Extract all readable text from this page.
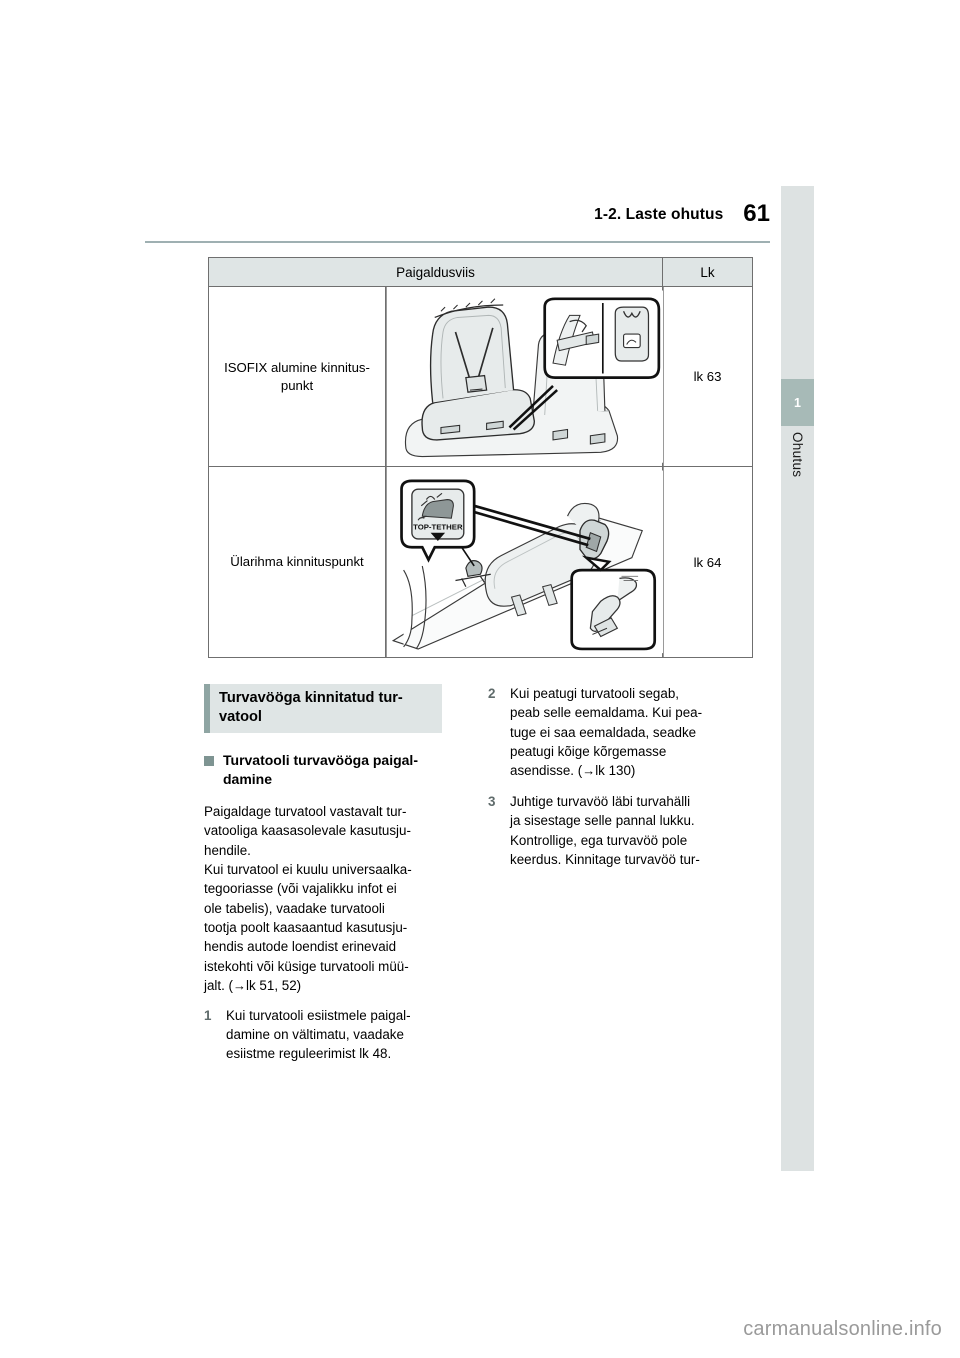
1-2. Laste ohutus 61
1
Ohutus
Paigaldusviis		Lk
ISOFIX alumine kinnitus-
punkt		lk 63
Ülarihma kinnituspunkt	TOP-TETHER	lk 64
Turvavööga kinnitatud tur-
vatool
Turvatooli turvavööga paigal-
damine
Paigaldage turvatool vastavalt tur-
vatooliga kaasasolevale kasutusju-
hendile.
Kui turvatool ei kuulu universaalka-
tegooriasse (või vajalikku infot ei
ole tabelis), vaadake turvatooli
tootja poolt kaasaantud kasutusju-
hendis autode loendist erinevaid
istekohti või küsige turvatooli müü-
jalt. (→lk 51, 52)
1	Kui turvatooli esiistmele paigal-
damine on vältimatu, vaadake
esiistme reguleerimist lk 48.
2	Kui peatugi turvatooli segab,
peab selle eemaldama. Kui pea-
tuge ei saa eemaldada, seadke
peatugi kõige kõrgemasse
asendisse. (→lk 130)
3	Juhtige turvavöö läbi turvahälli
ja sisestage selle pannal lukku.
Kontrollige, ega turvavöö pole
keerdus. Kinnitage turvavöö tur-
carmanualsonline.info
